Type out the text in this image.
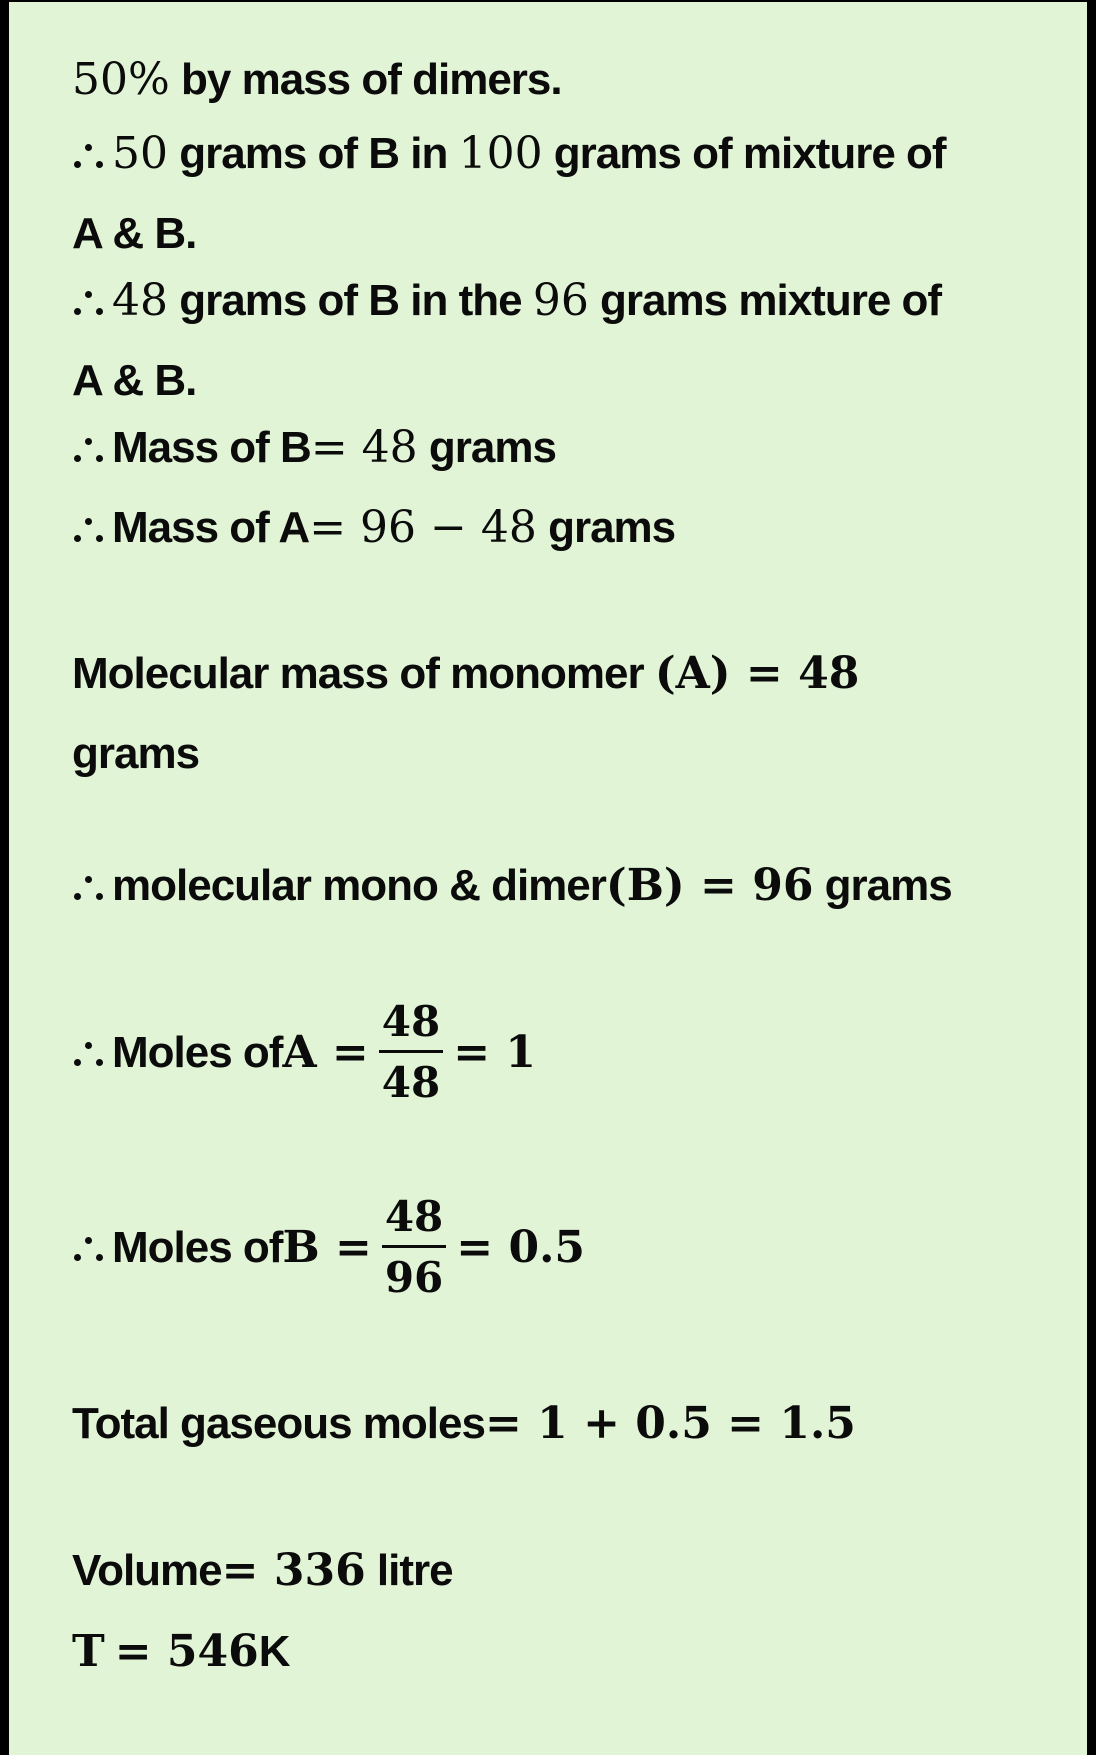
50% by mass of dimers.
50 grams of B in 100 grams of mixture of
A & B.
48 grams of B in the 96 grams mixture of
A & B.
Mass of B= 48 grams
Mass of A= 96 − 48 grams
Molecular mass of monomer (A) = 48
grams
molecular mono & dimer(B) = 96 grams
Moles of $A = \frac{48}{48} = 1$
Moles of $B = \frac{48}{96} = 0.5$
Total gaseous moles= 1 + 0.5 = 1.5
Volume= 336 litre
T = 546K
